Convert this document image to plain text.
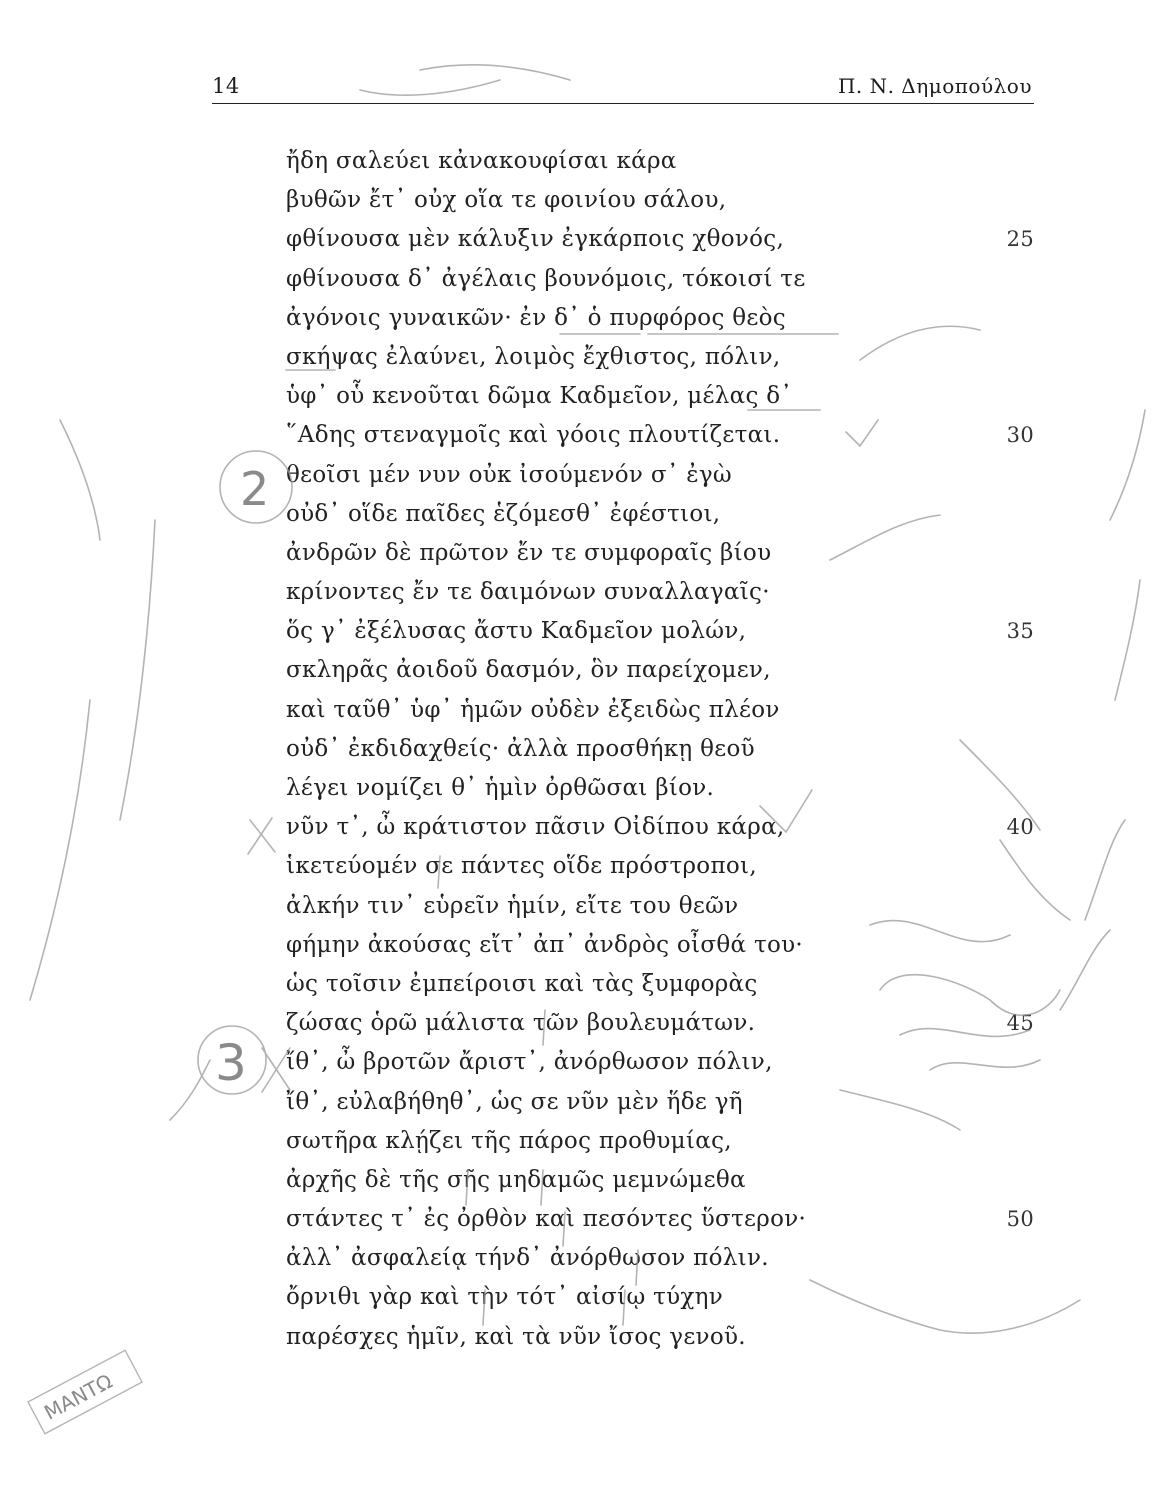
14	Π. Ν. Δημοπούλου
ἤδη σαλεύει κἀνακουφίσαι κάρα
βυθῶν ἔτ᾽ οὐχ οἵα τε φοινίου σάλου,
φθίνουσα μὲν κάλυξιν ἐγκάρποις χθονός,	25
φθίνουσα δ᾽ ἀγέλαις βουνόμοις, τόκοισί τε
ἀγόνοις γυναικῶν· ἐν δ᾽ ὁ πυρφόρος θεὸς
σκήψας ἐλαύνει, λοιμὸς ἔχθιστος, πόλιν,
ὑφ᾽ οὗ κενοῦται δῶμα Καδμεῖον, μέλας δ᾽
῞Αδης στεναγμοῖς καὶ γόοις πλουτίζεται.	30
θεοῖσι μέν νυν οὐκ ἰσούμενόν σ᾽ ἐγὼ
οὐδ᾽ οἵδε παῖδες ἑζόμεσθ᾽ ἐφέστιοι,
ἀνδρῶν δὲ πρῶτον ἔν τε συμφοραῖς βίου
κρίνοντες ἔν τε δαιμόνων συναλλαγαῖς·
ὅς γ᾽ ἐξέλυσας ἄστυ Καδμεῖον μολών,	35
σκληρᾶς ἀοιδοῦ δασμόν, ὃν παρείχομεν,
καὶ ταῦθ᾽ ὑφ᾽ ἡμῶν οὐδὲν ἐξειδὼς πλέον
οὐδ᾽ ἐκδιδαχθείς· ἀλλὰ προσθήκῃ θεοῦ
λέγει νομίζει θ᾽ ἡμὶν ὀρθῶσαι βίον.
νῦν τ᾽, ὦ κράτιστον πᾶσιν Οἰδίπου κάρα,	40
ἱκετεύομέν σε πάντες οἵδε πρόστροποι,
ἀλκήν τιν᾽ εὑρεῖν ἡμίν, εἴτε του θεῶν
φήμην ἀκούσας εἴτ᾽ ἀπ᾽ ἀνδρὸς οἶσθά του·
ὡς τοῖσιν ἐμπείροισι καὶ τὰς ξυμφορὰς
ζώσας ὁρῶ μάλιστα τῶν βουλευμάτων.	45
ἴθ᾽, ὦ βροτῶν ἄριστ᾽, ἀνόρθωσον πόλιν,
ἴθ᾽, εὐλαβήθηθ᾽, ὡς σε νῦν μὲν ἥδε γῆ
σωτῆρα κλῄζει τῆς πάρος προθυμίας,
ἀρχῆς δὲ τῆς σῆς μηδαμῶς μεμνώμεθα
στάντες τ᾽ ἐς ὀρθὸν καὶ πεσόντες ὕστερον·	50
ἀλλ᾽ ἀσφαλείᾳ τήνδ᾽ ἀνόρθωσον πόλιν.
ὄρνιθι γὰρ καὶ τὴν τότ᾽ αἰσίῳ τύχην
παρέσχες ἡμῖν, καὶ τὰ νῦν ἴσος γενοῦ.
2
3
ΜΑΝΤΩ
